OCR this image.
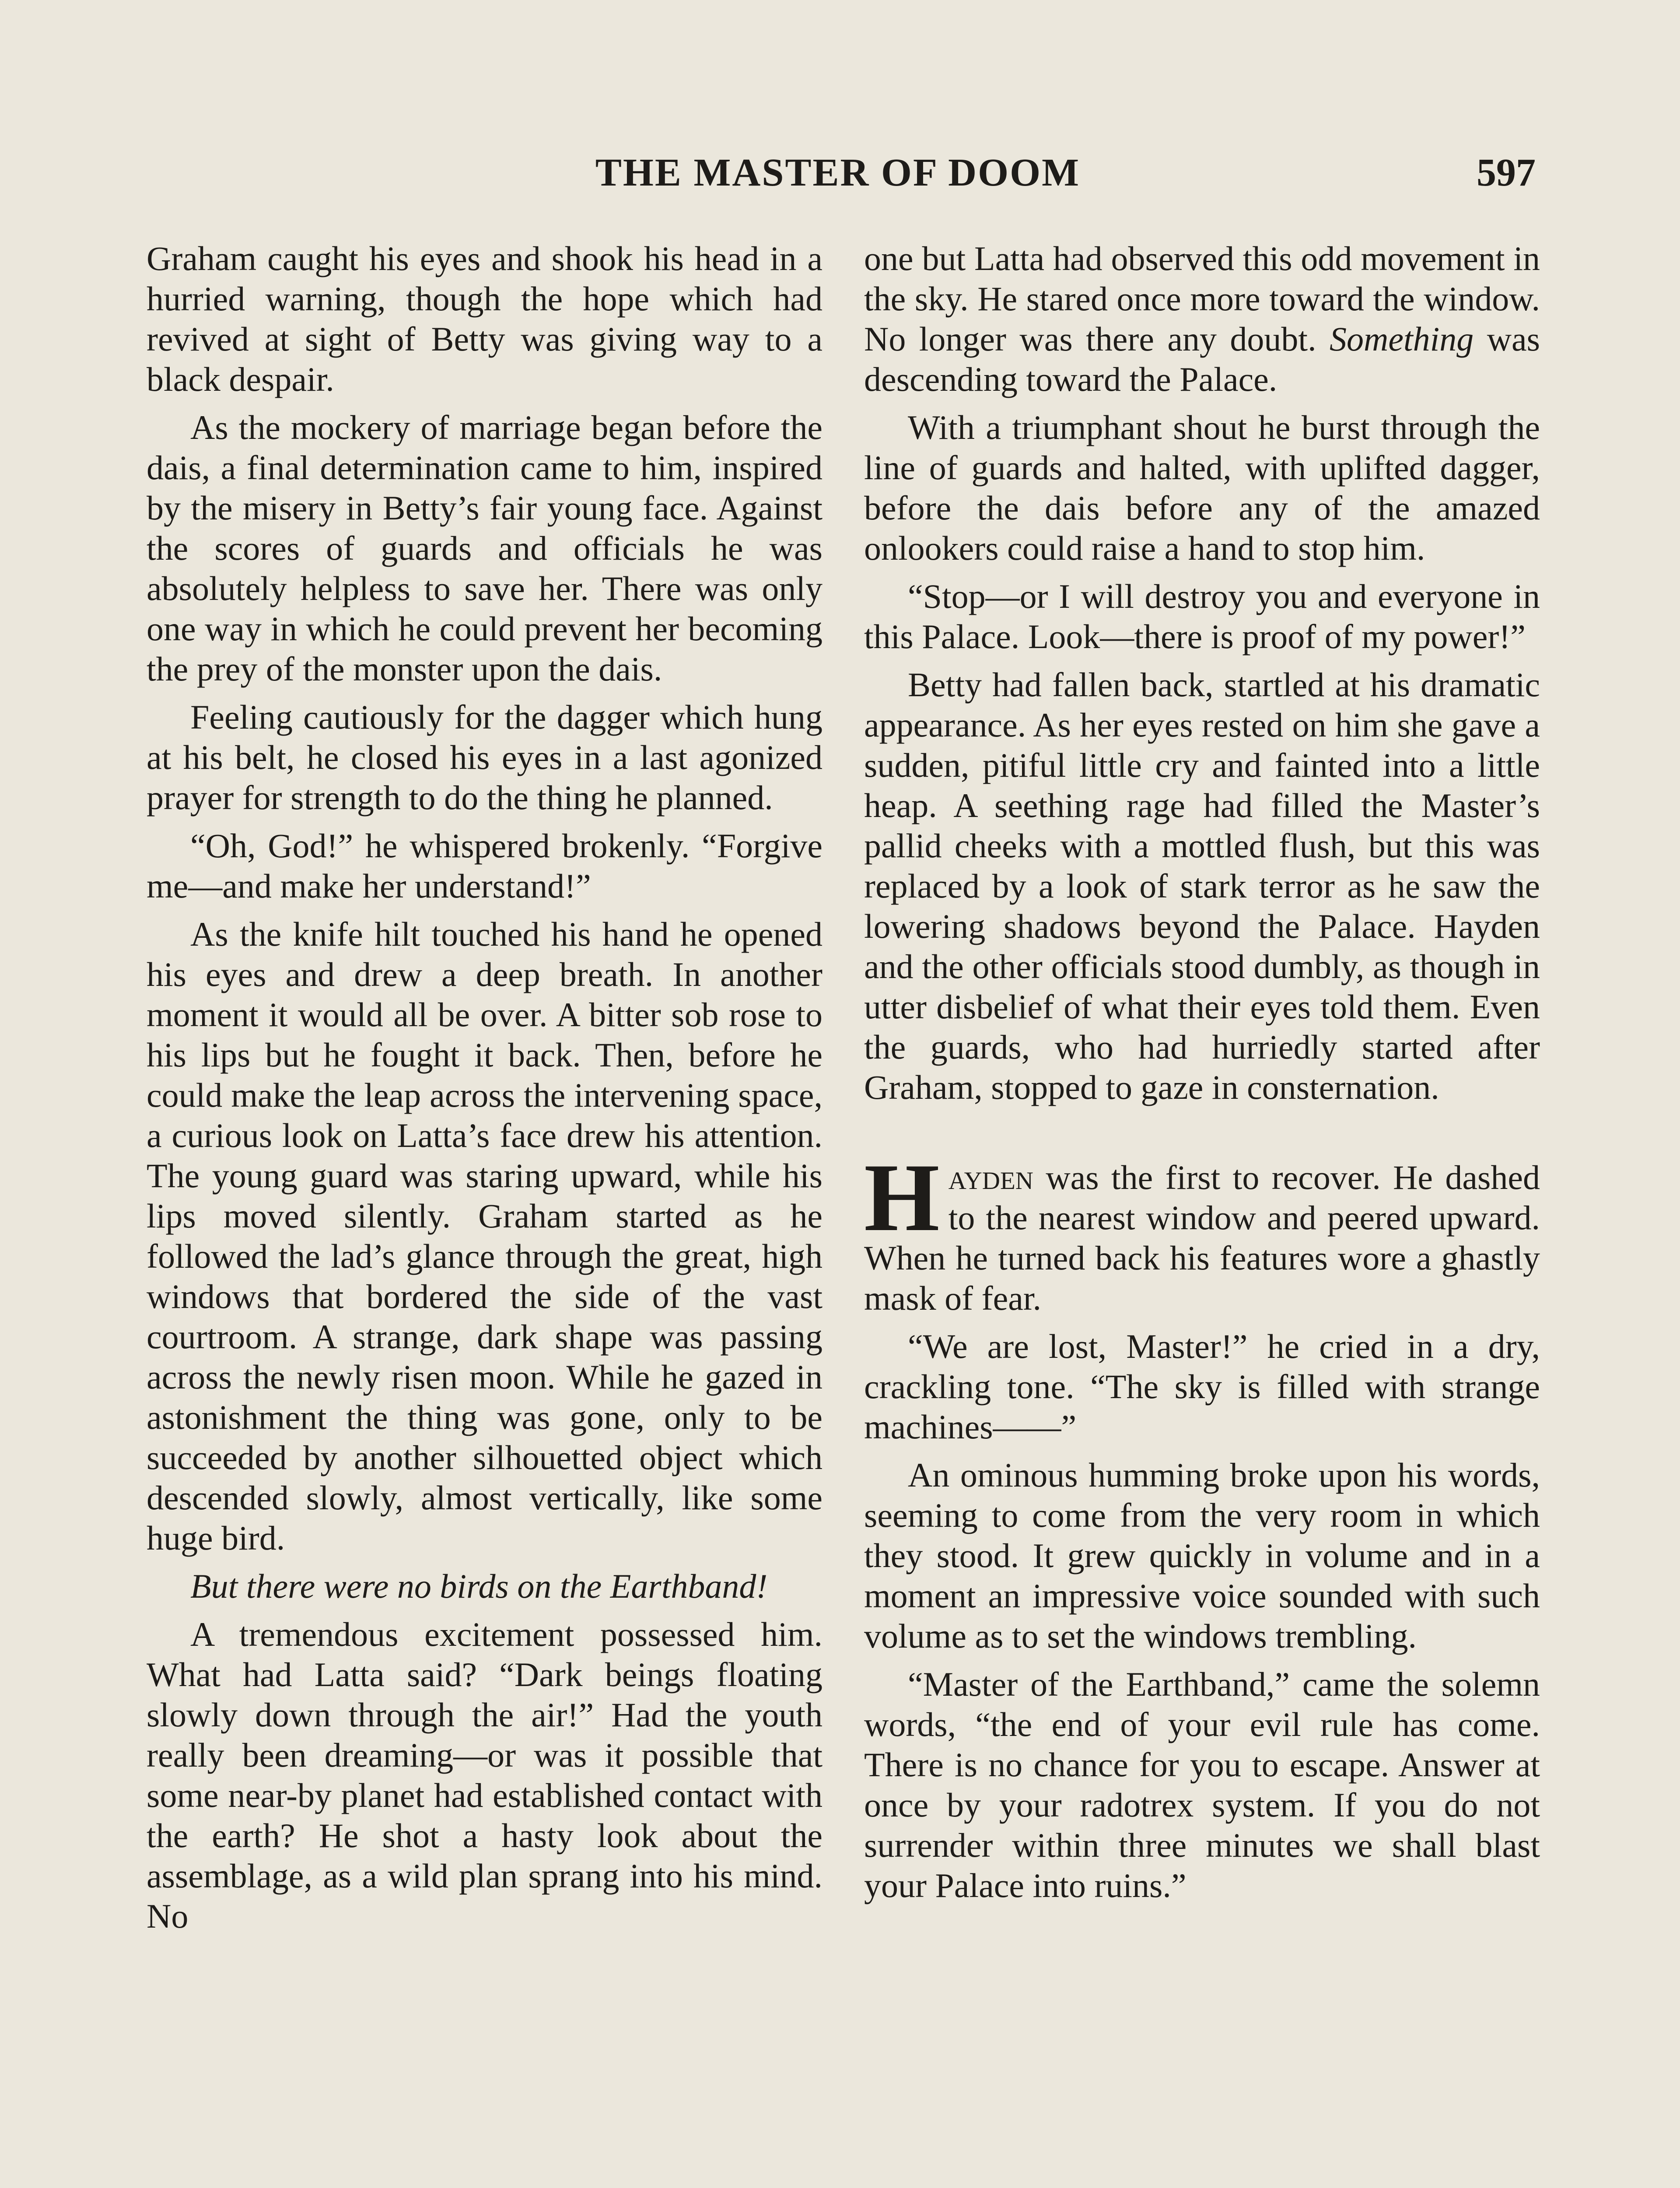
THE MASTER OF DOOM	597

Graham caught his eyes and shook his head in a hurried warning, though the hope which had revived at sight of Betty was giving way to a black despair.

As the mockery of marriage began before the dais, a final determination came to him, inspired by the misery in Betty’s fair young face. Against the scores of guards and officials he was absolutely helpless to save her. There was only one way in which he could prevent her becoming the prey of the monster upon the dais.

Feeling cautiously for the dagger which hung at his belt, he closed his eyes in a last agonized prayer for strength to do the thing he planned.

“Oh, God!” he whispered brokenly. “Forgive me—and make her understand!”

As the knife hilt touched his hand he opened his eyes and drew a deep breath. In another moment it would all be over. A bitter sob rose to his lips but he fought it back. Then, before he could make the leap across the intervening space, a curious look on Latta’s face drew his attention. The young guard was staring upward, while his lips moved silently. Graham started as he followed the lad’s glance through the great, high windows that bordered the side of the vast courtroom. A strange, dark shape was passing across the newly risen moon. While he gazed in astonishment the thing was gone, only to be succeeded by another silhouetted object which descended slowly, almost vertically, like some huge bird.

But there were no birds on the Earthband!

A tremendous excitement possessed him. What had Latta said? “Dark beings floating slowly down through the air!” Had the youth really been dreaming—or was it possible that some near-by planet had established contact with the earth? He shot a hasty look about the assemblage, as a wild plan sprang into his mind. No

one but Latta had observed this odd movement in the sky. He stared once more toward the window. No longer was there any doubt. Something was descending toward the Palace.

With a triumphant shout he burst through the line of guards and halted, with uplifted dagger, before the dais before any of the amazed onlookers could raise a hand to stop him.

“Stop—or I will destroy you and everyone in this Palace. Look—there is proof of my power!”

Betty had fallen back, startled at his dramatic appearance. As her eyes rested on him she gave a sudden, pitiful little cry and fainted into a little heap. A seething rage had filled the Master’s pallid cheeks with a mottled flush, but this was replaced by a look of stark terror as he saw the lowering shadows beyond the Palace. Hayden and the other officials stood dumbly, as though in utter disbelief of what their eyes told them. Even the guards, who had hurriedly started after Graham, stopped to gaze in consternation.

Hayden was the first to recover. He dashed to the nearest window and peered upward. When he turned back his features wore a ghastly mask of fear.

“We are lost, Master!” he cried in a dry, crackling tone. “The sky is filled with strange machines——”

An ominous humming broke upon his words, seeming to come from the very room in which they stood. It grew quickly in volume and in a moment an impressive voice sounded with such volume as to set the windows trembling.

“Master of the Earthband,” came the solemn words, “the end of your evil rule has come. There is no chance for you to escape. Answer at once by your radotrex system. If you do not surrender within three minutes we shall blast your Palace into ruins.”
